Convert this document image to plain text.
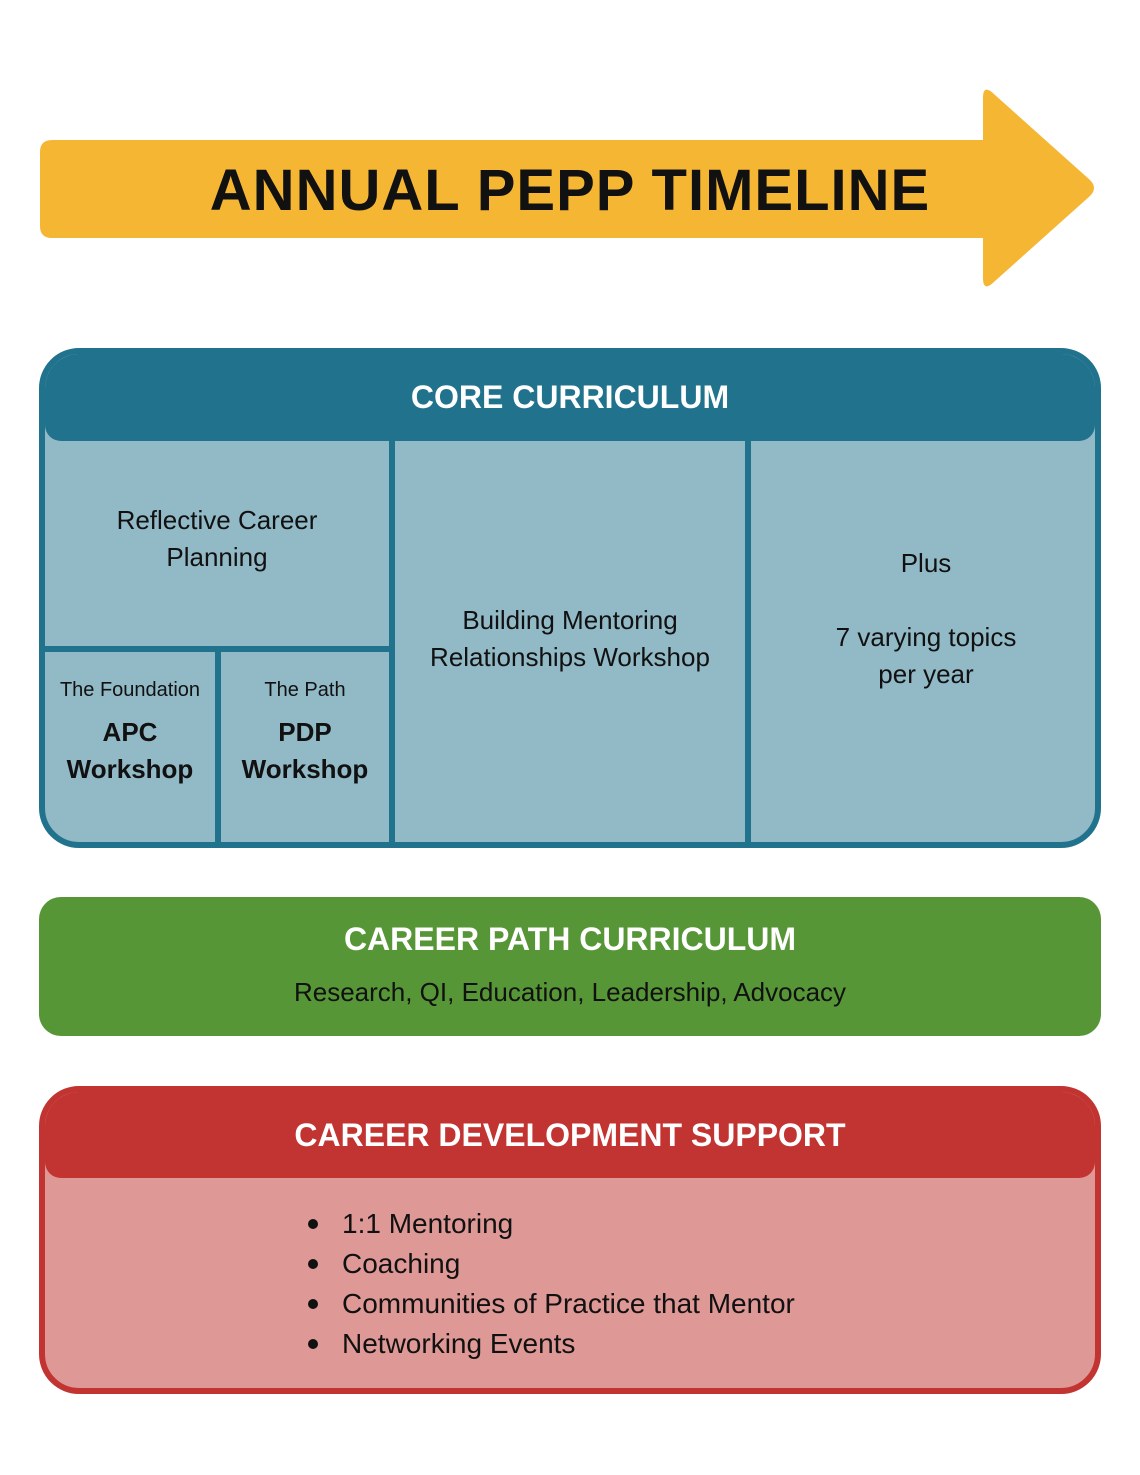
ANNUAL PEPP TIMELINE
CORE CURRICULUM
Reflective Career Planning
The Foundation
APC
Workshop
The Path
PDP
Workshop
Building Mentoring
Relationships Workshop
Plus
7 varying topics
per year
CAREER PATH CURRICULUM
Research, QI, Education, Leadership, Advocacy
CAREER DEVELOPMENT SUPPORT
1:1 Mentoring
Coaching
Communities of Practice that Mentor
Networking Events
